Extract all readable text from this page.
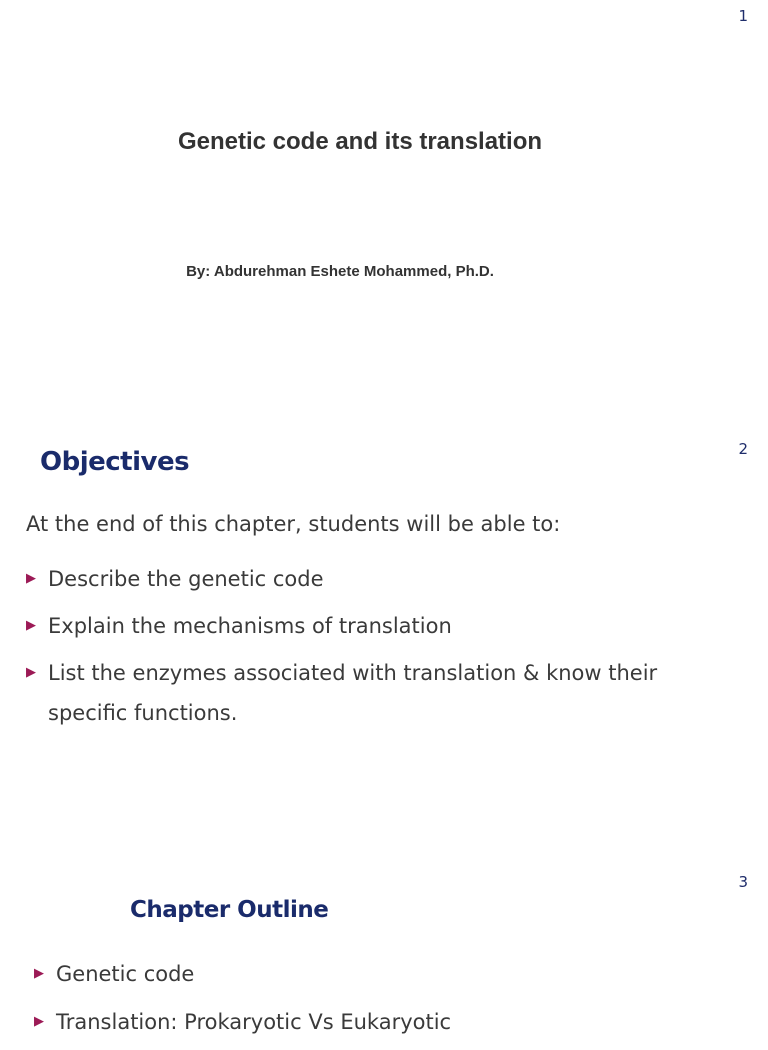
1
Genetic code and its translation
By: Abdurehman Eshete Mohammed, Ph.D.
2
Objectives
At the end of this chapter, students will be able to:
▶ Describe the genetic code
▶ Explain the mechanisms of translation
▶ List the enzymes associated with translation & know their specific functions.
3
Chapter Outline
▶ Genetic code
▶ Translation: Prokaryotic Vs Eukaryotic
